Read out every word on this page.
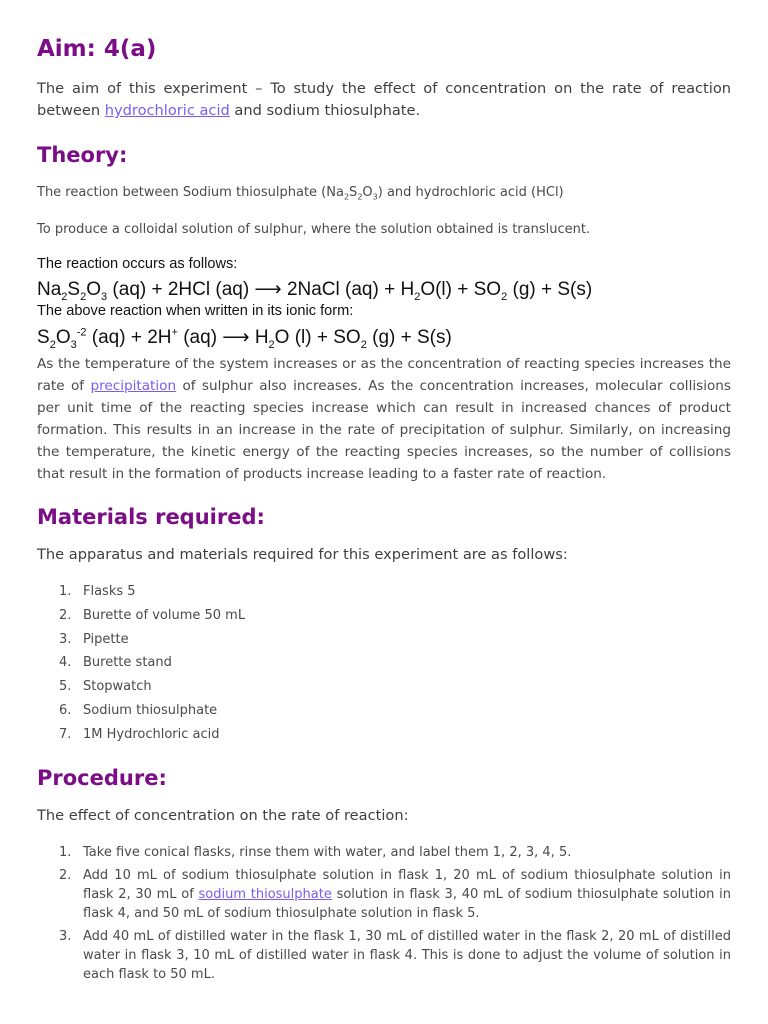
Aim: 4(a)

The aim of this experiment – To study the effect of concentration on the rate of reaction between hydrochloric acid and sodium thiosulphate.

Theory:

The reaction between Sodium thiosulphate $(Na_2S_2O_3)$ and hydrochloric acid (HCl)

To produce a colloidal solution of sulphur, where the solution obtained is translucent.

The reaction occurs as follows:

$Na_2S_2O_3$ (aq) + 2HCl (aq) ⟶ 2NaCl $(aq) + H_2O(l) + SO_2$ (g) + S(s)

The above reaction when written in its ionic form:

$S_2O_3^{-2}$ (aq) + 2H+ (aq) ⟶ $H_2O$ $(l) + SO_2$ (g) + S(s)

As the temperature of the system increases or as the concentration of reacting species increases the rate of precipitation of sulphur also increases. As the concentration increases, molecular collisions per unit time of the reacting species increase which can result in increased chances of product formation. This results in an increase in the rate of precipitation of sulphur. Similarly, on increasing the temperature, the kinetic energy of the reacting species increases, so the number of collisions that result in the formation of products increase leading to a faster rate of reaction.

Materials required:

The apparatus and materials required for this experiment are as follows:

1. Flasks 5
2. Burette of volume 50 mL
3. Pipette
4. Burette stand
5. Stopwatch
6. Sodium thiosulphate
7. 1M Hydrochloric acid
Procedure:

The effect of concentration on the rate of reaction:

1. Take five conical flasks, rinse them with water, and label them 1, 2, 3, 4, 5.
2. Add 10 mL of sodium thiosulphate solution in flask 1, 20 mL of sodium thiosulphate solution in flask 2, 30 mL of sodium thiosulphate solution in flask 3, 40 mL of sodium thiosulphate solution in flask 4, and 50 mL of sodium thiosulphate solution in flask 5.
3. Add 40 mL of distilled water in the flask 1, 30 mL of distilled water in the flask 2, 20 mL of distilled water in flask 3, 10 mL of distilled water in flask 4. This is done to adjust the volume of solution in each flask to 50 mL.
